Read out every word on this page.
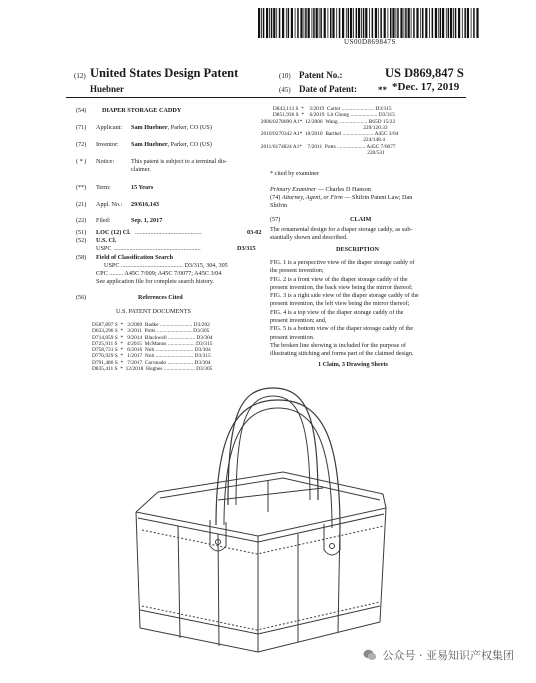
US00D869847S
(12) United States Design Patent	(10) Patent No.:	US D869,847 S
Huebner	(45) Date of Patent: ** *Dec. 17, 2019
(54)	DIAPER STORAGE CADDY
(71) Applicant: Sam Huebner, Parker, CO (US)
(72) Inventor: Sam Huebner, Parker, CO (US)
( * ) Notice:	This patent is subject to a terminal dis-
claimer.
(**) Term:	15 Years
(21) Appl. No.: 29/616,143
(22) Filed:	Sep. 1, 2017
(51) LOC (12) Cl. ...........................................	03-02
(52) U.S. Cl.
USPC ........................................................	D3/315
(58) Field of Classification Search
USPC ........................................ D3/315, 304, 305
CPC ......... A45C 7/009; A45C 7/0077; A45C 3/04
See application file for complete search history.
(56)	References Cited
U.S. PATENT DOCUMENTS
D587,897 S  *   3/2009  Radke ........................ D3/202
D633,296 S  *   3/2011  Potts .......................... D3/305
D714,059 S  *   9/2014  Blackwell .................... D3/304
D725,911 S  *   4/2015  McManus .................... D3/315
D758,731 S  *   6/2016  Noh ............................ D3/304
D776,929 S  *   1/2017  Noh ............................ D3/315
D791,480 S  *   7/2017  Coronado ................... D3/304
D835,411 S  *  12/2018  Hughes ....................... D3/305
D843,113 S  *    3/2019  Carter ........................ D3/315
D851,936 S  *    6/2019  Lit Chung .................... D3/315
2006/0278690 A1*  12/2006  Wang ..................... B65D 15/22
229/120.33
2010/0270342 A1*  10/2010  Barthel ....................... A45C 3/04
224/148.4
2011/0174824 A1*    7/2011  Potts ..................... A45C 7/0077
220/531
* cited by examiner
Primary Examiner — Charles D Hanson
(74) Attorney, Agent, or Firm — Shifrin Patent Law; Dan
Shifrin
(57)	CLAIM
The ornamental design for a diaper storage caddy, as sub-
stantially shown and described.
DESCRIPTION
FIG. 1 is a perspective view of the diaper storage caddy of
the present invention;
FIG. 2 is a front view of the diaper storage caddy of the
present invention, the back view being the mirror thereof;
FIG. 3 is a right side view of the diaper storage caddy of the
present invention, the left view being the mirror thereof;
FIG. 4 is a top view of the diaper storage caddy of the
present invention; and,
FIG. 5 is a bottom view of the diaper storage caddy of the
present invention.
The broken line showing is included for the purpose of
illustrating stitching and forms part of the claimed design.
1 Claim, 3 Drawing Sheets
公众号 · 亚易知识产权集团
